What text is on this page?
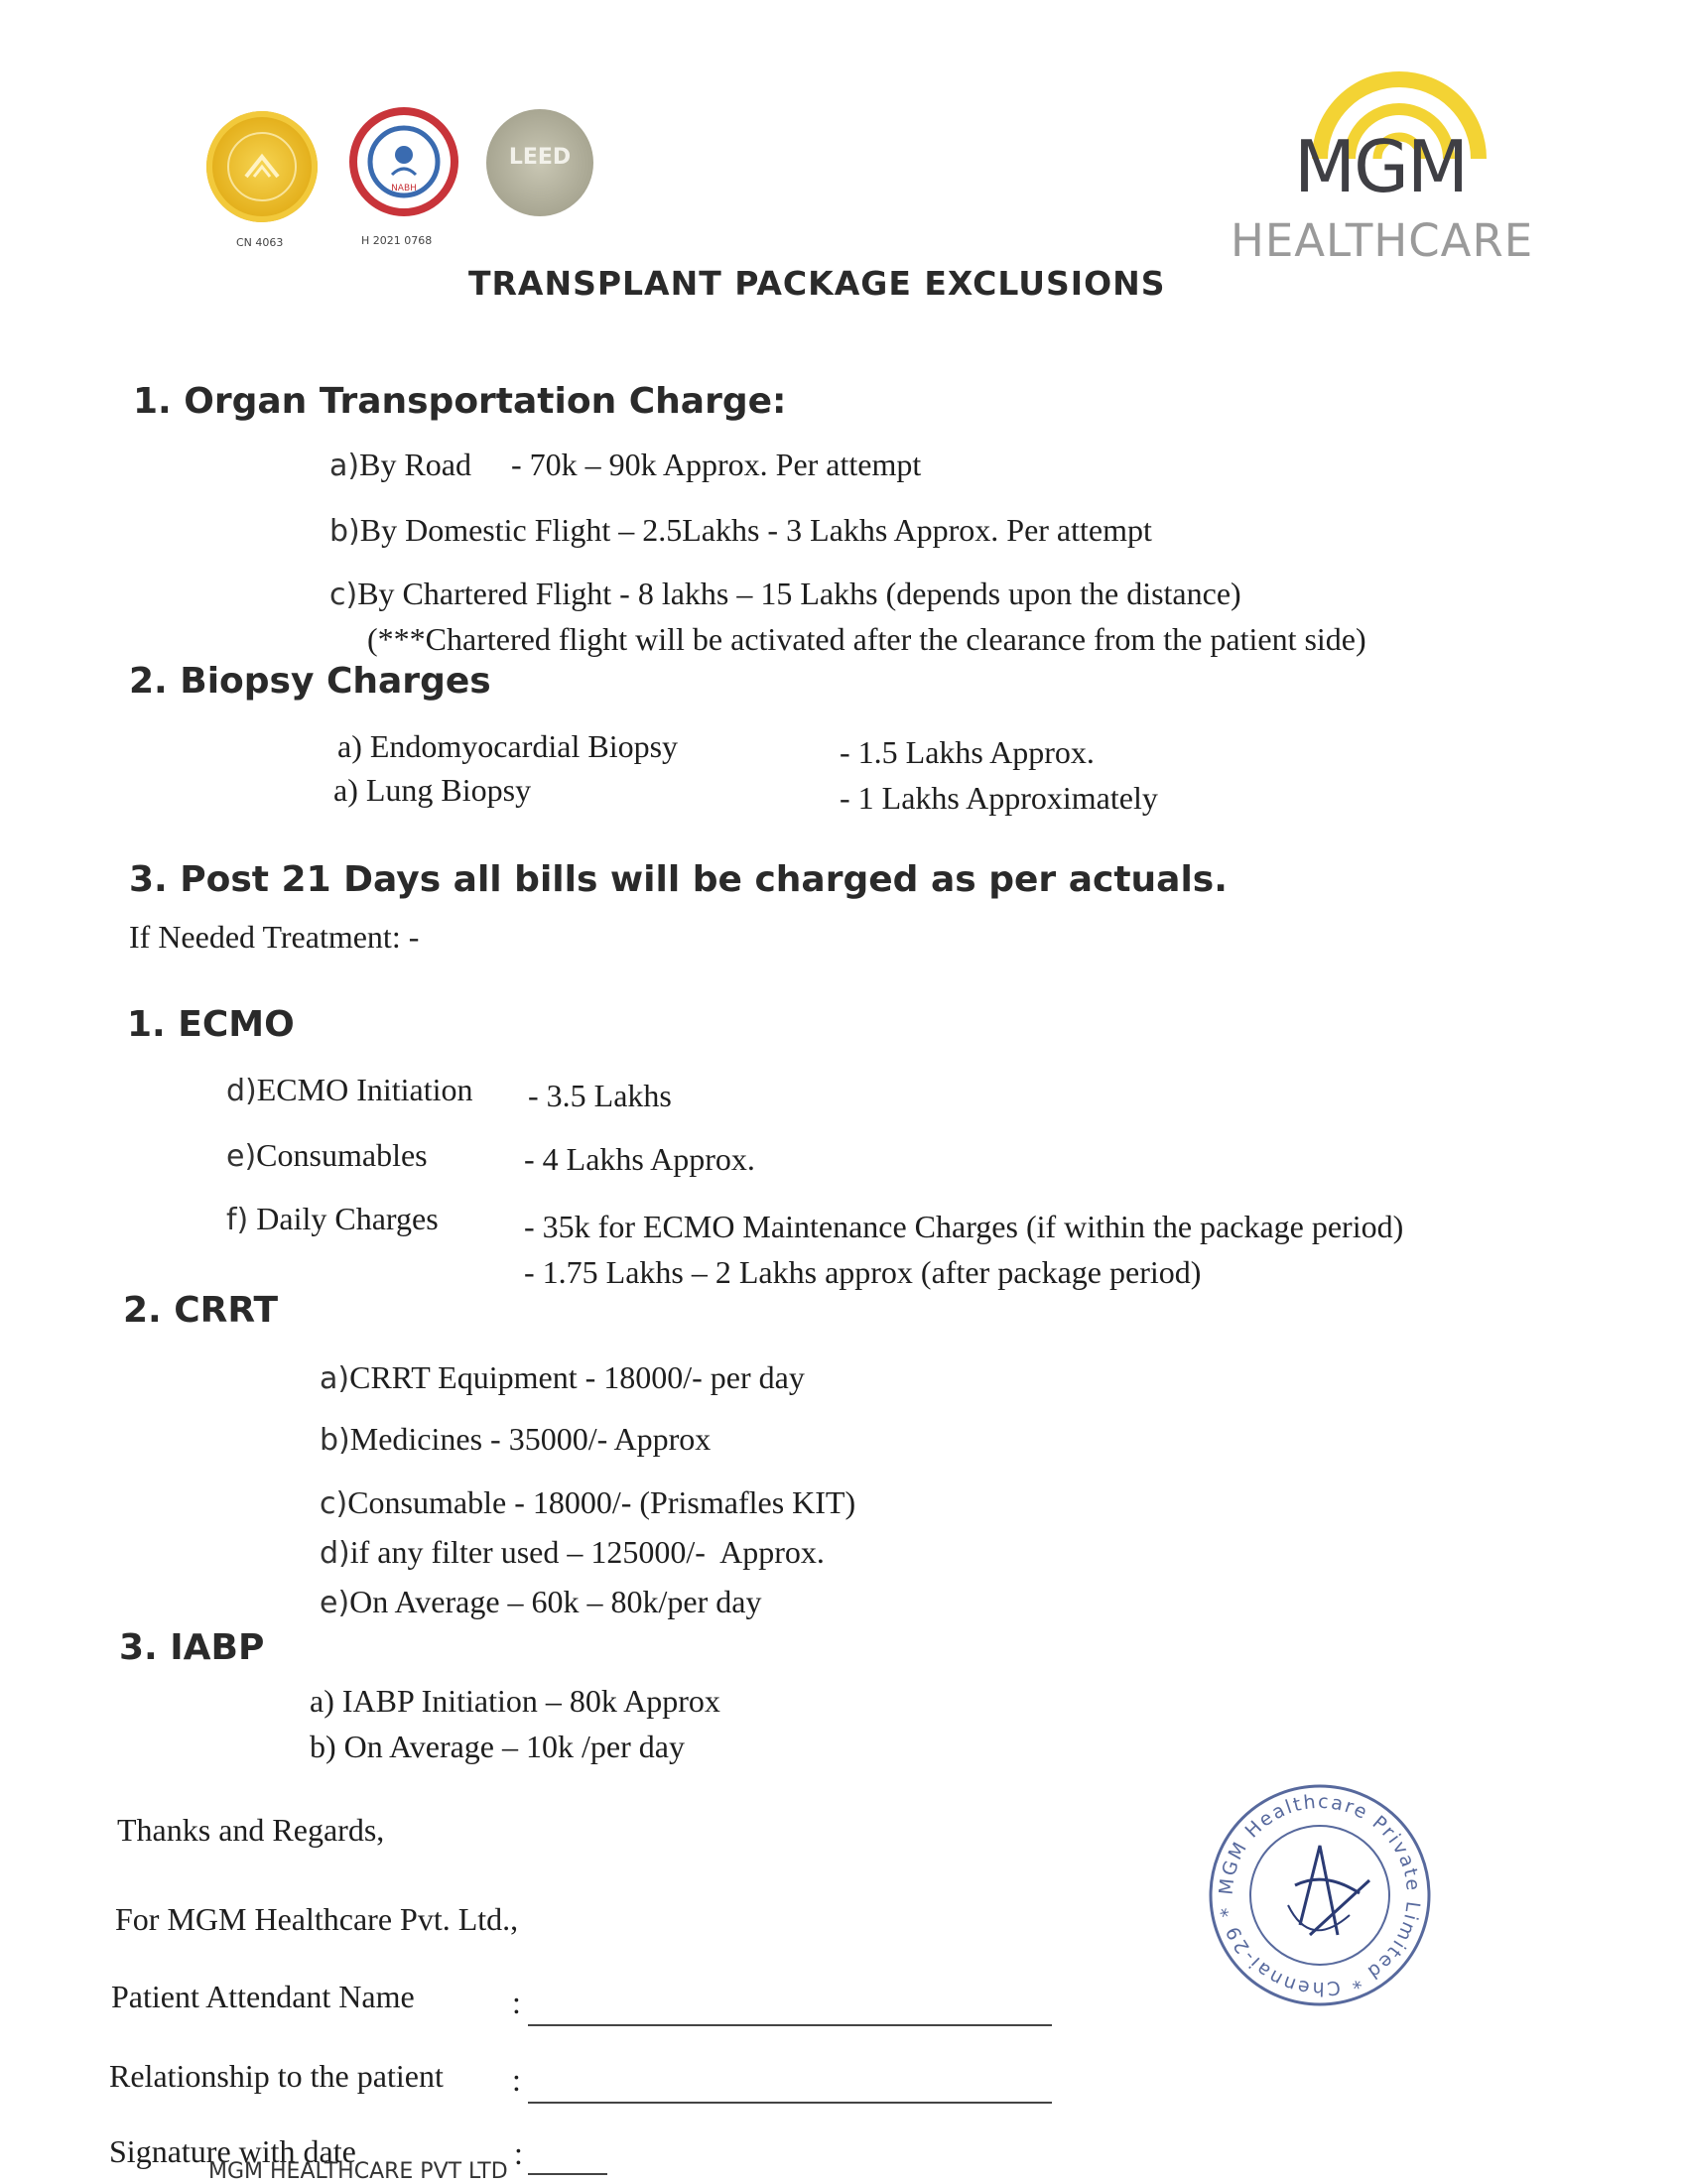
CN 4063
NABH
H 2021 0768
LEED	MGM
HEALTHCARE
TRANSPLANT PACKAGE EXCLUSIONS
1. Organ Transportation Charge:
a)By Road     - 70k – 90k Approx. Per attempt
b)By Domestic Flight – 2.5Lakhs - 3 Lakhs Approx. Per attempt
c)By Chartered Flight - 8 lakhs – 15 Lakhs (depends upon the distance)
(***Chartered flight will be activated after the clearance from the patient side)
2. Biopsy Charges
a) Endomyocardial Biopsy	- 1.5 Lakhs Approx.
a) Lung Biopsy	- 1 Lakhs Approximately
3. Post 21 Days all bills will be charged as per actuals.
If Needed Treatment: -
1. ECMO
d)ECMO Initiation - 3.5 Lakhs
e)Consumables	- 4 Lakhs Approx.
f) Daily Charges	- 35k for ECMO Maintenance Charges (if within the package period)
- 1.75 Lakhs – 2 Lakhs approx (after package period)
2. CRRT
a)CRRT Equipment - 18000/- per day
b)Medicines - 35000/- Approx
c)Consumable - 18000/- (Prismafles KIT)
d)if any filter used – 125000/-  Approx.
e)On Average – 60k – 80k/per day
3. IABP
a) IABP Initiation – 80k Approx
b) On Average – 10k /per day
Thanks and Regards,
For MGM Healthcare Pvt. Ltd.,
Patient Attendant Name	:
Relationship to the patient :
Signature with date	:
MGM HEALTHCARE PVT LTD
MGM Healthcare Private Limited * Chennai-29 *
